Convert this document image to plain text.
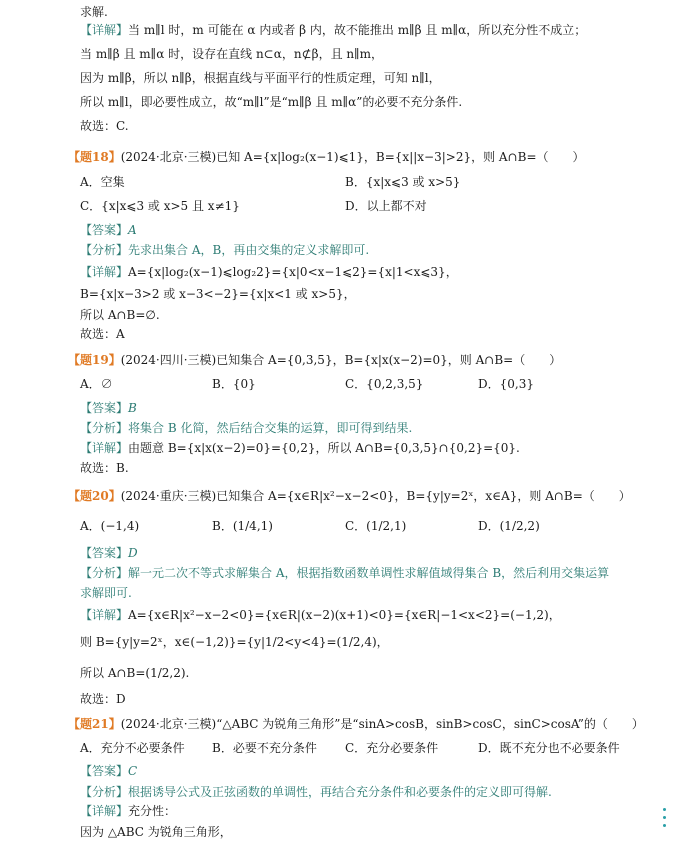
求解.
【详解】当 m∥l 时，m 可能在 α 内或者 β 内，故不能推出 m∥β 且 m∥α，所以充分性不成立；
当 m∥β 且 m∥α 时，设存在直线 n⊂α，n⊄β，且 n∥m，
因为 m∥β，所以 n∥β，根据直线与平面平行的性质定理，可知 n∥l，
所以 m∥l，即必要性成立，故“m∥l”是“m∥β 且 m∥α”的必要不充分条件.
故选：C.
【题18】(2024·北京·三模)已知 A={x|log₂(x−1)⩽1}，B={x||x−3|>2}，则 A∩B=（　　）
A．空集	B．{x|x⩽3 或 x>5}
C．{x|x⩽3 或 x>5 且 x≠1}	D．以上都不对
【答案】A
【分析】先求出集合 A，B，再由交集的定义求解即可.
【详解】A={x|log₂(x−1)⩽log₂2}={x|0<x−1⩽2}={x|1<x⩽3}，
B={x|x−3>2 或 x−3<−2}={x|x<1 或 x>5}，
所以 A∩B=∅.
故选：A
【题19】(2024·四川·三模)已知集合 A={0,3,5}，B={x|x(x−2)=0}，则 A∩B=（　　）
A．∅	B．{0}	C．{0,2,3,5}	D．{0,3}
【答案】B
【分析】将集合 B 化简，然后结合交集的运算，即可得到结果.
【详解】由题意 B={x|x(x−2)=0}={0,2}，所以 A∩B={0,3,5}∩{0,2}={0}.
故选：B.
【题20】(2024·重庆·三模)已知集合 A={x∈R|x²−x−2<0}，B={y|y=2ˣ，x∈A}，则 A∩B=（　　）
A．(−1,4)	B．(1/4,1)	C．(1/2,1)	D．(1/2,2)
【答案】D
【分析】解一元二次不等式求解集合 A，根据指数函数单调性求解值域得集合 B，然后利用交集运算
求解即可.
【详解】A={x∈R|x²−x−2<0}={x∈R|(x−2)(x+1)<0}={x∈R|−1<x<2}=(−1,2)，
则 B={y|y=2ˣ，x∈(−1,2)}={y|1/2<y<4}=(1/2,4)，
所以 A∩B=(1/2,2).
故选：D
【题21】(2024·北京·三模)“△ABC 为锐角三角形”是“sinA>cosB，sinB>cosC，sinC>cosA”的（　　）
A．充分不必要条件 B．必要不充分条件 C．充分必要条件	D．既不充分也不必要条件
【答案】C
【分析】根据诱导公式及正弦函数的单调性，再结合充分条件和必要条件的定义即可得解.
【详解】充分性：
因为 △ABC 为锐角三角形，
